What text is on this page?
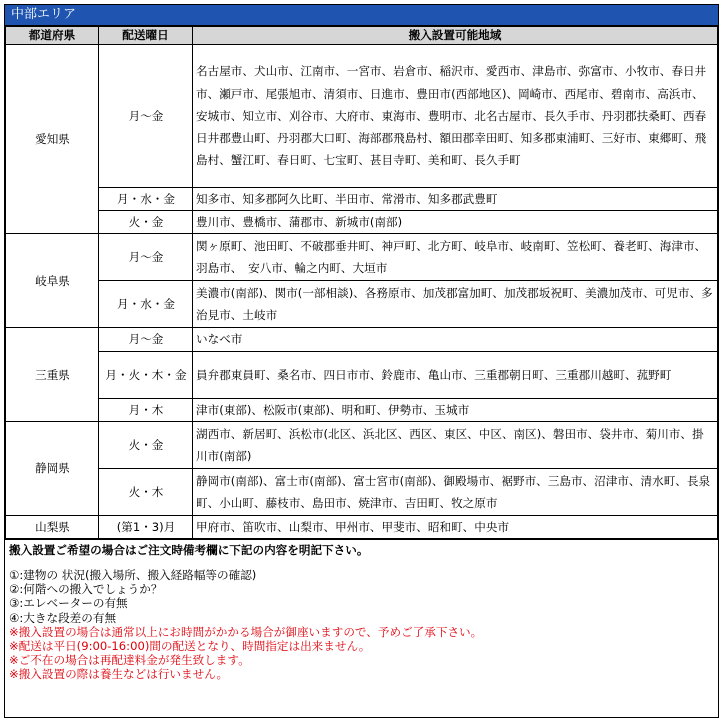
中部エリア
都道府県	配送曜日	搬入設置可能地域
愛知県	月～金	名古屋市、犬山市、江南市、一宮市、岩倉市、稲沢市、愛西市、津島市、弥富市、小牧市、春日井市、瀬戸市、尾張旭市、清須市、日進市、豊田市(西部地区)、岡崎市、西尾市、碧南市、高浜市、安城市、知立市、刈谷市、大府市、東海市、豊明市、北名古屋市、長久手市、丹羽郡扶桑町、西春日井郡豊山町、丹羽郡大口町、海部郡飛島村、額田郡幸田町、知多郡東浦町、三好市、東郷町、飛島村、蟹江町、春日町、七宝町、甚目寺町、美和町、長久手町
	月・水・金	知多市、知多郡阿久比町、半田市、常滑市、知多郡武豊町
	火・金	豊川市、豊橋市、蒲郡市、新城市(南部)
岐阜県	月～金	関ヶ原町、池田町、不破郡垂井町、神戸町、北方町、岐阜市、岐南町、笠松町、養老町、海津市、羽島市、　安八市、輪之内町、大垣市
	月・水・金	美濃市(南部)、関市(一部相談)、各務原市、加茂郡富加町、加茂郡坂祝町、美濃加茂市、可児市、多治見市、土岐市
三重県	月～金	いなべ市
	月・火・木・金	員弁郡東員町、桑名市、四日市市、鈴鹿市、亀山市、三重郡朝日町、三重郡川越町、菰野町
	月・木	津市(東部)、松阪市(東部)、明和町、伊勢市、玉城市
静岡県	火・金	湖西市、新居町、浜松市(北区、浜北区、西区、東区、中区、南区)、磐田市、袋井市、菊川市、掛川市(南部)
	火・木	静岡市(南部)、富士市(南部)、富士宮市(南部)、御殿場市、裾野市、三島市、沼津市、清水町、長泉町、小山町、藤枝市、島田市、焼津市、吉田町、牧之原市
山梨県	(第1・3)月	甲府市、笛吹市、山梨市、甲州市、甲斐市、昭和町、中央市
搬入設置ご希望の場合はご注文時備考欄に下記の内容を明記下さい。
①:建物の 状況(搬入場所、搬入経路幅等の確認)
②:何階への搬入でしょうか？
③:エレベーターの有無
④:大きな段差の有無
※搬入設置の場合は通常以上にお時間がかかる場合が御座いますので、予めご了承下さい。
※配送は平日(9:00-16:00)間の配送となり、時間指定は出来ません。
※ご不在の場合は再配達料金が発生致します。
※搬入設置の際は養生などは行いません。
